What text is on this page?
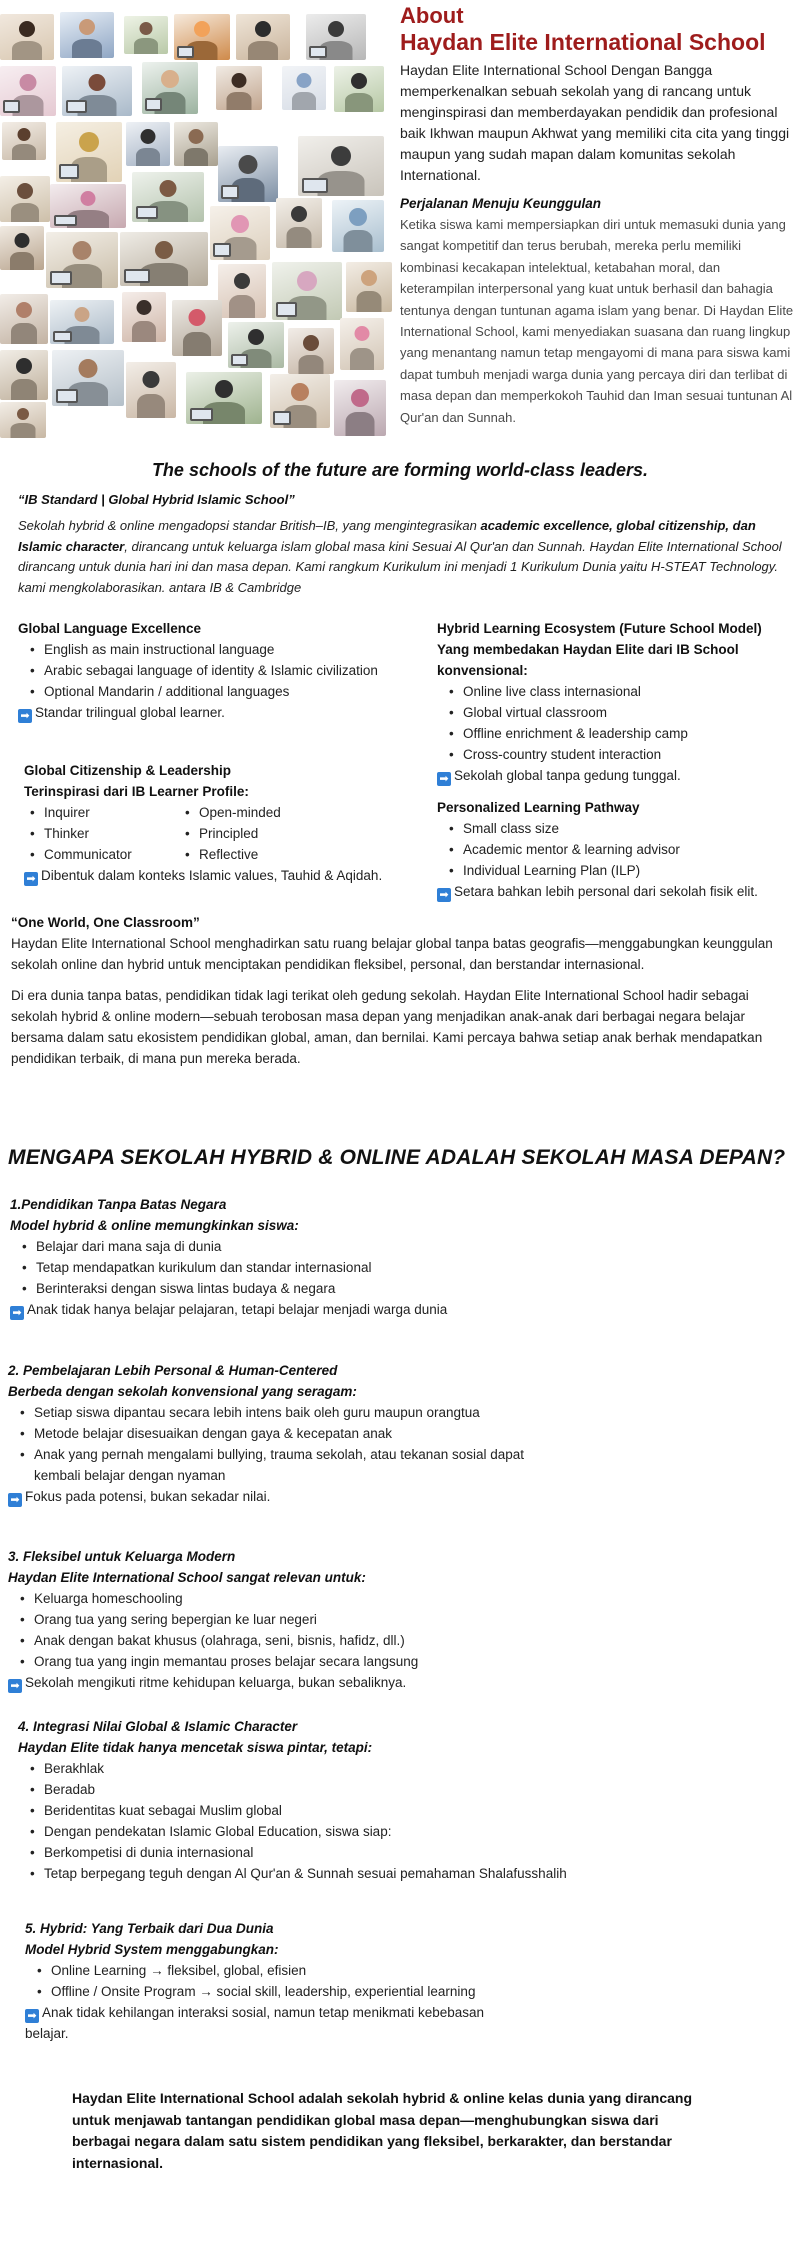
About
Haydan Elite International School

Haydan Elite International School Dengan Bangga memperkenalkan sebuah sekolah yang di rancang untuk menginspirasi dan memberdayakan pendidik dan profesional baik Ikhwan maupun Akhwat yang memiliki cita cita yang tinggi maupun yang sudah mapan dalam komunitas sekolah International.

Perjalanan Menuju Keunggulan

Ketika siswa kami mempersiapkan diri untuk memasuki dunia yang sangat kompetitif dan terus berubah, mereka perlu memiliki kombinasi kecakapan intelektual, ketabahan moral, dan keterampilan interpersonal yang kuat untuk berhasil dan bahagia tentunya dengan tuntunan agama islam yang benar. Di Haydan Elite International School, kami menyediakan suasana dan ruang lingkup yang menantang namun tetap mengayomi di mana para siswa kami dapat tumbuh menjadi warga dunia yang percaya diri dan terlibat di masa depan dan memperkokoh Tauhid dan Iman sesuai tuntunan Al Qur'an dan Sunnah.

The schools of the future are forming world-class leaders.
“IB Standard | Global Hybrid Islamic School”

Sekolah hybrid & online mengadopsi standar British–IB, yang mengintegrasikan academic excellence, global citizenship, dan Islamic character, dirancang untuk keluarga islam global masa kini Sesuai Al Qur'an dan Sunnah. Haydan Elite International School dirancang untuk dunia hari ini dan masa depan. Kami rangkum Kurikulum ini menjadi 1 Kurikulum Dunia yaitu H-STEAT Technology. kami mengkolaborasikan. antara IB & Cambridge

Global Language Excellence
• English as main instructional language
• Arabic sebagai language of identity & Islamic civilization
• Optional Mandarin / additional languages
➡ Standar trilingual global learner.
Global Citizenship & Leadership
Terinspirasi dari IB Learner Profile:
• Inquirer
• Thinker
• Communicator
• Open-minded
• Principled
• Reflective
➡ Dibentuk dalam konteks Islamic values, Tauhid & Aqidah.
Hybrid Learning Ecosystem (Future School Model)
Yang membedakan Haydan Elite dari IB School konvensional:
• Online live class internasional
• Global virtual classroom
• Offline enrichment & leadership camp
• Cross-country student interaction
➡ Sekolah global tanpa gedung tunggal.
Personalized Learning Pathway
• Small class size
• Academic mentor & learning advisor
• Individual Learning Plan (ILP)
➡ Setara bahkan lebih personal dari sekolah fisik elit.
“One World, One Classroom”

Haydan Elite International School menghadirkan satu ruang belajar global tanpa batas geografis—menggabungkan keunggulan sekolah online dan hybrid untuk menciptakan pendidikan fleksibel, personal, dan berstandar internasional.

Di era dunia tanpa batas, pendidikan tidak lagi terikat oleh gedung sekolah. Haydan Elite International School hadir sebagai sekolah hybrid & online modern—sebuah terobosan masa depan yang menjadikan anak-anak dari berbagai negara belajar bersama dalam satu ekosistem pendidikan global, aman, dan bernilai. Kami percaya bahwa setiap anak berhak mendapatkan pendidikan terbaik, di mana pun mereka berada.

MENGAPA SEKOLAH HYBRID & ONLINE ADALAH SEKOLAH MASA DEPAN?
1.Pendidikan Tanpa Batas Negara
Model hybrid & online memungkinkan siswa:
• Belajar dari mana saja di dunia
• Tetap mendapatkan kurikulum dan standar internasional
• Berinteraksi dengan siswa lintas budaya & negara
➡ Anak tidak hanya belajar pelajaran, tetapi belajar menjadi warga dunia
2. Pembelajaran Lebih Personal & Human-Centered
Berbeda dengan sekolah konvensional yang seragam:
• Setiap siswa dipantau secara lebih intens baik oleh guru maupun orangtua
• Metode belajar disesuaikan dengan gaya & kecepatan anak
• Anak yang pernah mengalami bullying, trauma sekolah, atau tekanan sosial dapat kembali belajar dengan nyaman
➡ Fokus pada potensi, bukan sekadar nilai.
3. Fleksibel untuk Keluarga Modern
Haydan Elite International School sangat relevan untuk:
• Keluarga homeschooling
• Orang tua yang sering bepergian ke luar negeri
• Anak dengan bakat khusus (olahraga, seni, bisnis, hafidz, dll.)
• Orang tua yang ingin memantau proses belajar secara langsung
➡ Sekolah mengikuti ritme kehidupan keluarga, bukan sebaliknya.
4. Integrasi Nilai Global & Islamic Character
Haydan Elite tidak hanya mencetak siswa pintar, tetapi:
• Berakhlak
• Beradab
• Beridentitas kuat sebagai Muslim global
• Dengan pendekatan Islamic Global Education, siswa siap:
• Berkompetisi di dunia internasional
• Tetap berpegang teguh dengan Al Qur'an & Sunnah sesuai pemahaman Shalafusshalih
5. Hybrid: Yang Terbaik dari Dua Dunia
Model Hybrid System menggabungkan:
• Online Learning → fleksibel, global, efisien
• Offline / Onsite Program → social skill, leadership, experiential learning
➡ Anak tidak kehilangan interaksi sosial, namun tetap menikmati kebebasan belajar.

Haydan Elite International School adalah sekolah hybrid & online kelas dunia yang dirancang untuk menjawab tantangan pendidikan global masa depan—menghubungkan siswa dari berbagai negara dalam satu sistem pendidikan yang fleksibel, berkarakter, dan berstandar internasional.
